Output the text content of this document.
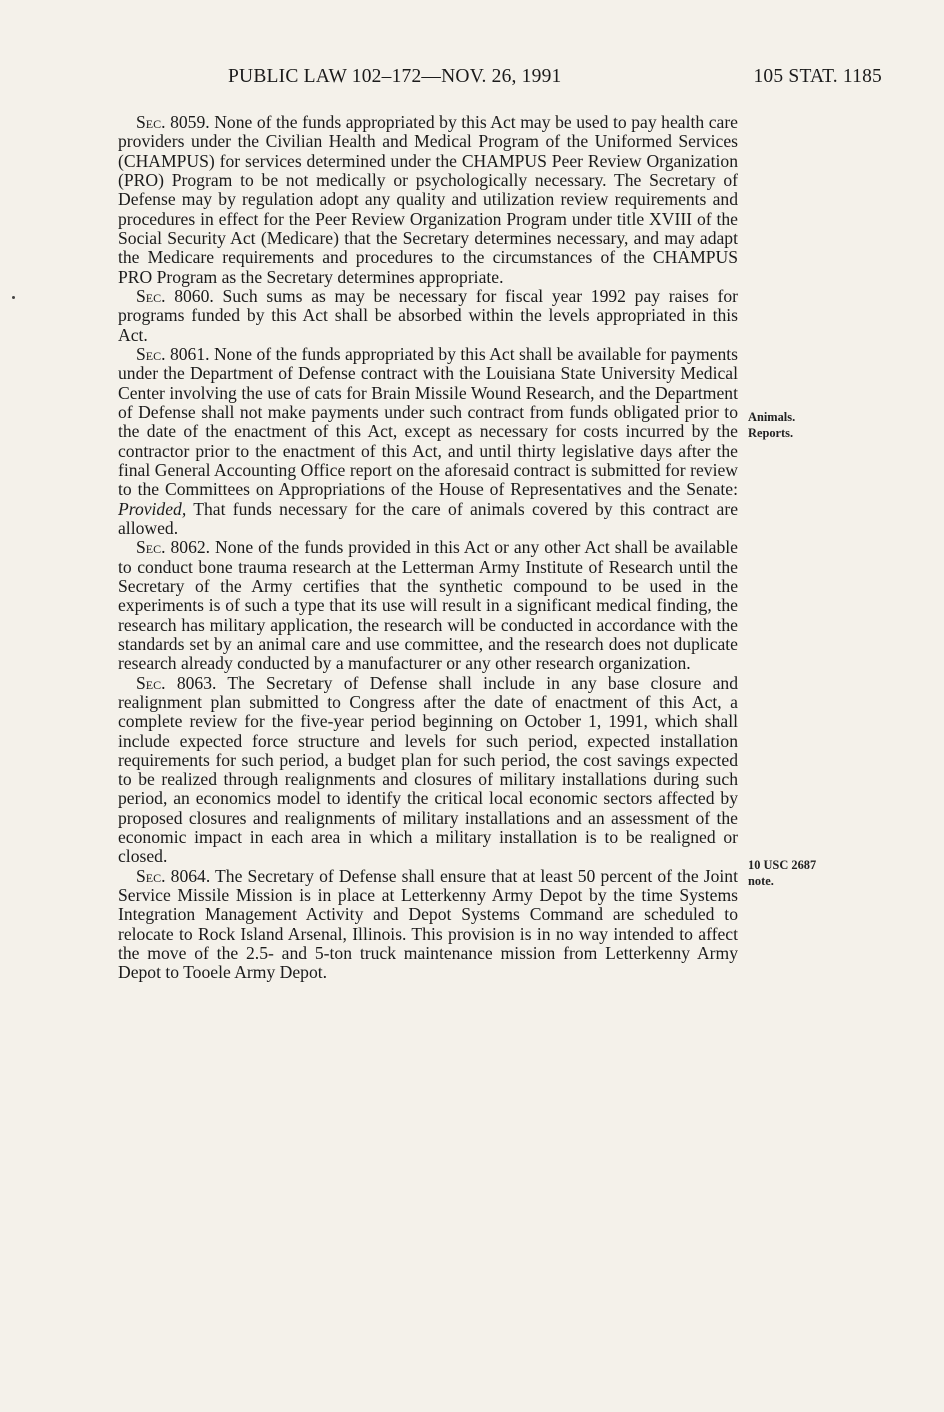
PUBLIC LAW 102–172—NOV. 26, 1991	105 STAT. 1185

Sec. 8059. None of the funds appropriated by this Act may be used to pay health care providers under the Civilian Health and Medical Program of the Uniformed Services (CHAMPUS) for services determined under the CHAMPUS Peer Review Organization (PRO) Program to be not medically or psychologically necessary. The Secretary of Defense may by regulation adopt any quality and utilization review requirements and procedures in effect for the Peer Review Organization Program under title XVIII of the Social Security Act (Medicare) that the Secretary determines necessary, and may adapt the Medicare requirements and procedures to the circumstances of the CHAMPUS PRO Program as the Secretary determines appropriate.

Sec. 8060. Such sums as may be necessary for fiscal year 1992 pay raises for programs funded by this Act shall be absorbed within the levels appropriated in this Act.

Sec. 8061. None of the funds appropriated by this Act shall be available for payments under the Department of Defense contract with the Louisiana State University Medical Center involving the use of cats for Brain Missile Wound Research, and the Department of Defense shall not make payments under such contract from funds obligated prior to the date of the enactment of this Act, except as necessary for costs incurred by the contractor prior to the enactment of this Act, and until thirty legislative days after the final General Accounting Office report on the aforesaid contract is submitted for review to the Committees on Appropriations of the House of Representatives and the Senate: Provided, That funds necessary for the care of animals covered by this contract are allowed.

Sec. 8062. None of the funds provided in this Act or any other Act shall be available to conduct bone trauma research at the Letterman Army Institute of Research until the Secretary of the Army certifies that the synthetic compound to be used in the experiments is of such a type that its use will result in a significant medical finding, the research has military application, the research will be conducted in accordance with the standards set by an animal care and use committee, and the research does not duplicate research already conducted by a manufacturer or any other research organization.

Sec. 8063. The Secretary of Defense shall include in any base closure and realignment plan submitted to Congress after the date of enactment of this Act, a complete review for the five-year period beginning on October 1, 1991, which shall include expected force structure and levels for such period, expected installation requirements for such period, a budget plan for such period, the cost savings expected to be realized through realignments and closures of military installations during such period, an economics model to identify the critical local economic sectors affected by proposed closures and realignments of military installations and an assessment of the economic impact in each area in which a military installation is to be realigned or closed.

Sec. 8064. The Secretary of Defense shall ensure that at least 50 percent of the Joint Service Missile Mission is in place at Letterkenny Army Depot by the time Systems Integration Management Activity and Depot Systems Command are scheduled to relocate to Rock Island Arsenal, Illinois. This provision is in no way intended to affect the move of the 2.5- and 5-ton truck maintenance mission from Letterkenny Army Depot to Tooele Army Depot.

Animals.
Reports.
10 USC 2687
note.
